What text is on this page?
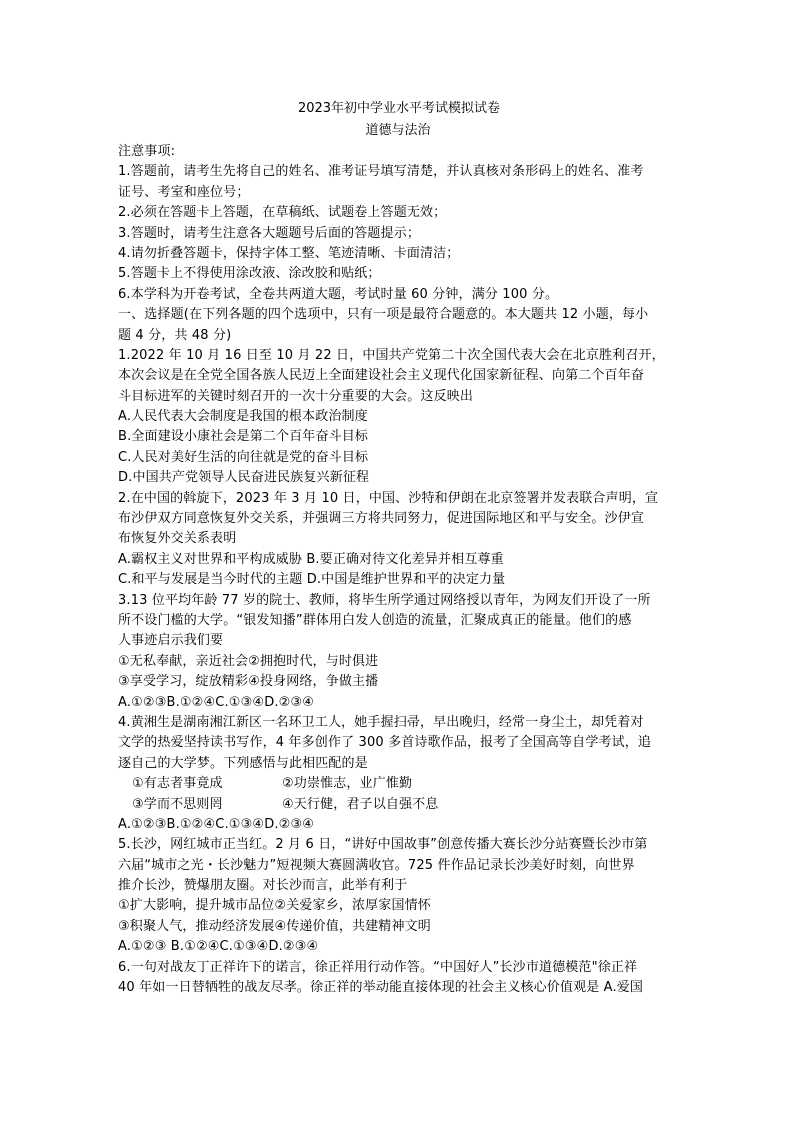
2023年初中学业水平考试模拟试卷
道德与法治
注意事项:
1.答题前，请考生先将自己的姓名、准考证号填写清楚，并认真核对条形码上的姓名、准考
证号、考室和座位号；
2.必须在答题卡上答题，在草稿纸、试题卷上答题无效；
3.答题时，请考生注意各大题题号后面的答题提示；
4.请勿折叠答题卡，保持字体工整、笔迹清晰、卡面清洁；
5.答题卡上不得使用涂改液、涂改胶和贴纸；
6.本学科为开卷考试，全卷共两道大题，考试时量 60 分钟，满分 100 分。
一、选择题(在下列各题的四个选项中，只有一项是最符合题意的。本大题共 12 小题，每小
题 4 分，共 48 分)
1.2022 年 10 月 16 日至 10 月 22 日，中国共产党第二十次全国代表大会在北京胜利召开，
本次会议是在全党全国各族人民迈上全面建设社会主义现代化国家新征程、向第二个百年奋
斗目标进军的关键时刻召开的一次十分重要的大会。这反映出
A.人民代表大会制度是我国的根本政治制度
B.全面建设小康社会是第二个百年奋斗目标
C.人民对美好生活的向往就是党的奋斗目标
D.中国共产党领导人民奋进民族复兴新征程
2.在中国的斡旋下，2023 年 3 月 10 日，中国、沙特和伊朗在北京签署并发表联合声明，宣
布沙伊双方同意恢复外交关系，并强调三方将共同努力，促进国际地区和平与安全。沙伊宣
布恢复外交关系表明
A.霸权主义对世界和平构成威胁 B.要正确对待文化差异并相互尊重
C.和平与发展是当今时代的主题 D.中国是维护世界和平的决定力量
3.13 位平均年龄 77 岁的院士、教师，将毕生所学通过网络授以青年，为网友们开设了一所
所不设门槛的大学。“银发知播”群体用白发人创造的流量，汇聚成真正的能量。他们的感
人事迹启示我们要
①无私奉献，亲近社会②拥抱时代，与时俱进
③享受学习，绽放精彩④投身网络，争做主播
A.①②③B.①②④C.①③④D.②③④
4.黄湘生是湖南湘江新区一名环卫工人，她手握扫帚，早出晚归，经常一身尘土，却凭着对
文学的热爱坚持读书写作，4 年多创作了 300 多首诗歌作品，报考了全国高等自学考试，追
逐自己的大学梦。下列感悟与此相匹配的是
①有志者事竟成	②功崇惟志，业广惟勤
③学而不思则罔	④天行健，君子以自强不息
A.①②③B.①②④C.①③④D.②③④
5.长沙，网红城市正当红。2 月 6 日，“讲好中国故事”创意传播大赛长沙分站赛暨长沙市第
六届“城市之光・长沙魅力”短视频大赛圆满收官。725 件作品记录长沙美好时刻，向世界
推介长沙，赞爆朋友圈。对长沙而言，此举有利于
①扩大影响，提升城市品位②关爱家乡，浓厚家国情怀
③积聚人气，推动经济发展④传递价值，共建精神文明
A.①②③ B.①②④C.①③④D.②③④
6.一句对战友丁正祥许下的诺言，徐正祥用行动作答。“中国好人”长沙市道德模范"徐正祥
40 年如一日替牺牲的战友尽孝。徐正祥的举动能直接体现的社会主义核心价值观是 A.爱国
